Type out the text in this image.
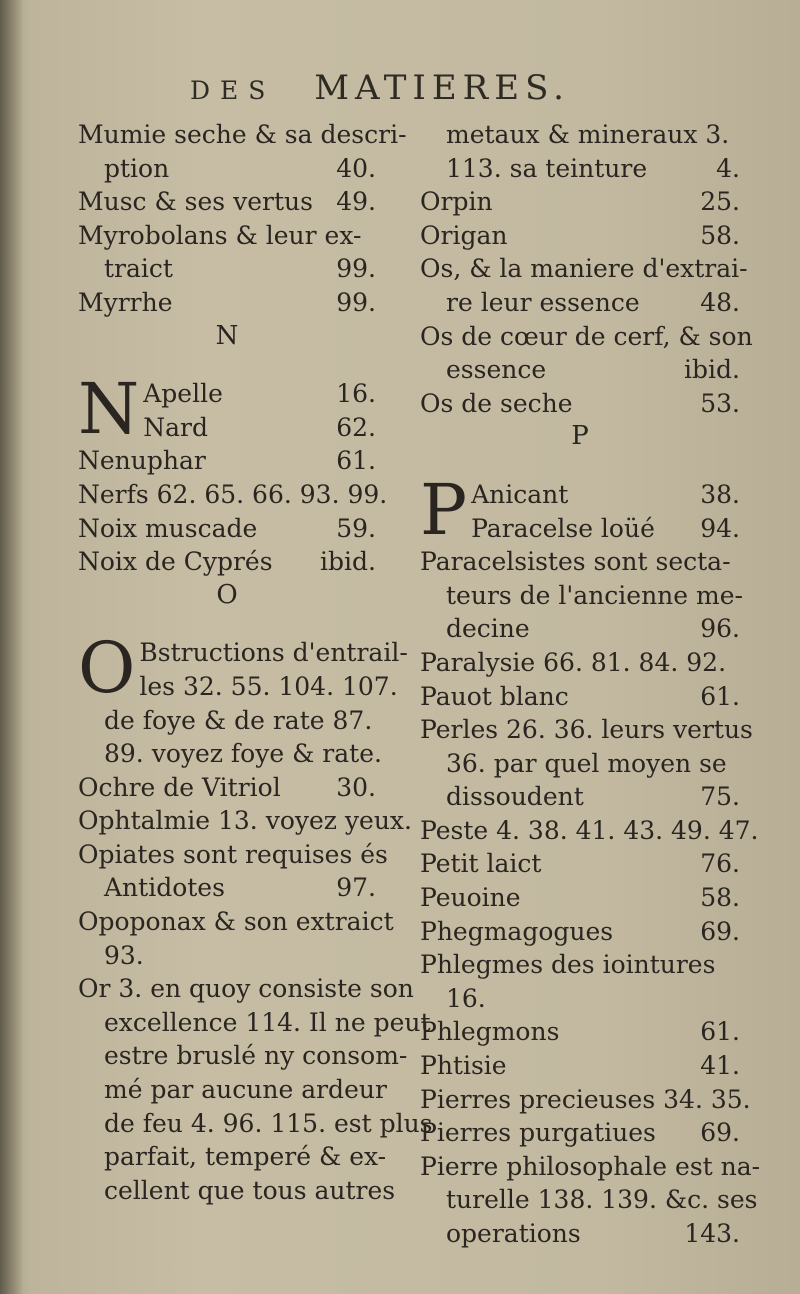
DES MATIERES.
Mumie seche & sa descri-
ption	40.
Musc & ses vertus 49.
Myrobolans & leur ex-
traict	99.
Myrrhe	99.
N
N Apelle	16.
Nard	62.
Nenuphar	61.
Nerfs 62. 65. 66. 93. 99.
Noix muscade	59.
Noix de Cyprés ibid.
O
O Bstructions d'entrail-
les 32. 55. 104. 107.
de foye & de rate 87.
89. voyez foye & rate.
Ochre de Vitriol 30.
Ophtalmie 13. voyez yeux.
Opiates sont requises és
Antidotes	97.
Opoponax & son extraict
93.
Or 3. en quoy consiste son
excellence 114. Il ne peut
estre bruslé ny consom-
mé par aucune ardeur
de feu 4. 96. 115. est plus
parfait, temperé & ex-
cellent que tous autres
metaux & mineraux 3.
113. sa teinture	4.
Orpin	25.
Origan	58.
Os, & la maniere d'extrai-
re leur essence 48.
Os de cœur de cerf, & son
essence	ibid.
Os de seche	53.
P
P Anicant	38.
Paracelse loüé 94.
Paracelsistes sont secta-
teurs de l'ancienne me-
decine	96.
Paralysie 66. 81. 84. 92.
Pauot blanc	61.
Perles 26. 36. leurs vertus
36. par quel moyen se
dissoudent	75.
Peste 4. 38. 41. 43. 49. 47.
Petit laict	76.
Peuoine	58.
Phegmagogues	69.
Phlegmes des iointures
16.
Phlegmons	61.
Phtisie	41.
Pierres precieuses 34. 35.
Pierres purgatiues 69.
Pierre philosophale est na-
turelle 138. 139. &c. ses
operations	143.
